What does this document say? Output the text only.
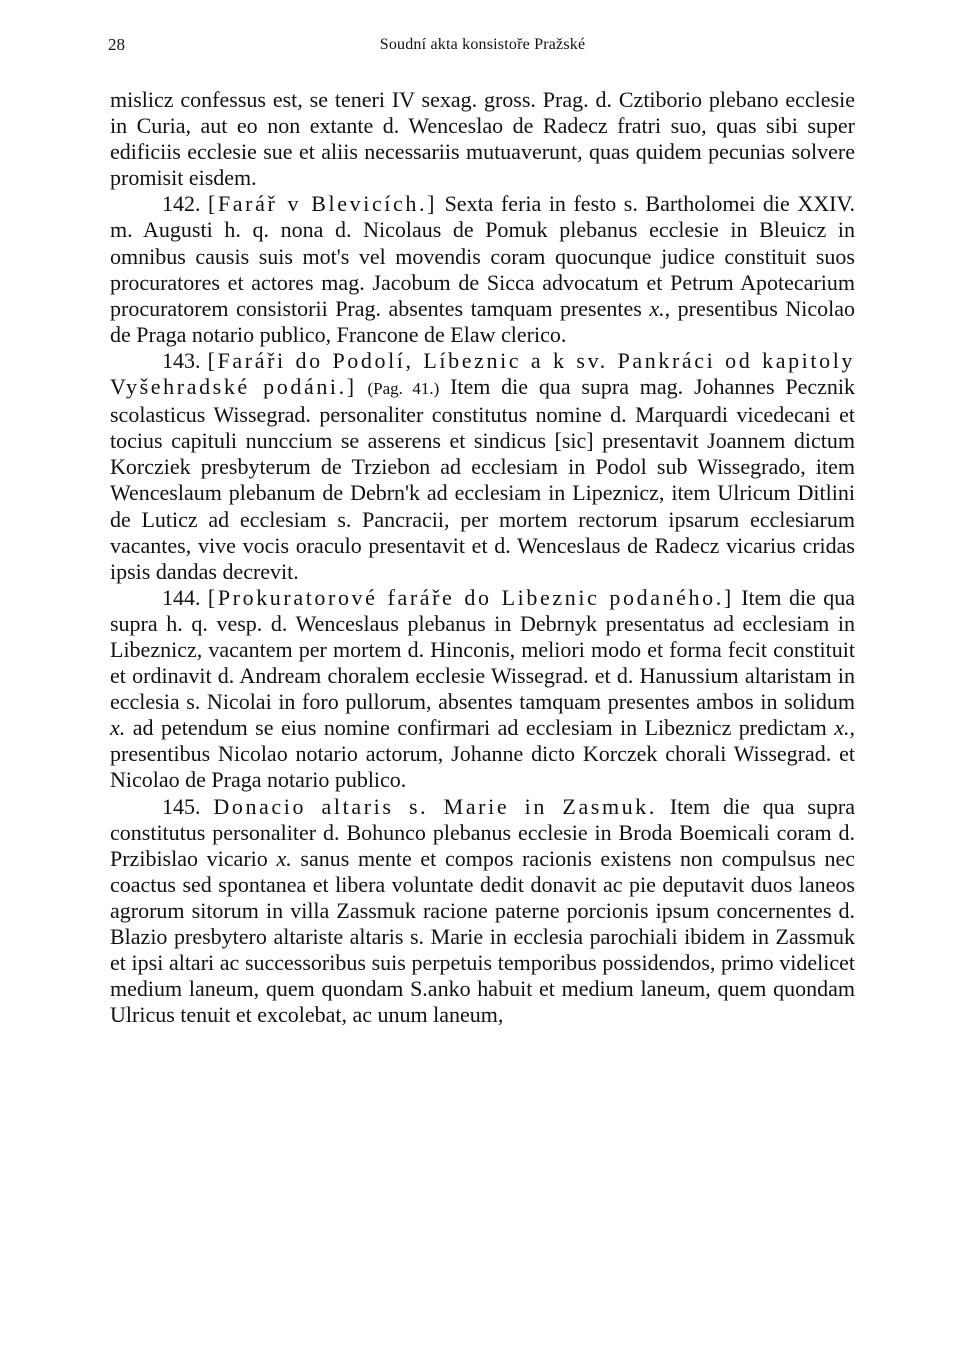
28	Soudní akta konsistoře Pražské

mislicz confessus est, se teneri IV sexag. gross. Prag. d. Cztiborio plebano ecclesie in Curia, aut eo non extante d. Wenceslao de Radecz fratri suo, quas sibi super edificiis ecclesie sue et aliis necessariis mutuaverunt, quas quidem pecunias solvere promisit eisdem.

142. [Farář v Blevicích.] Sexta feria in festo s. Bartholomei die XXIV. m. Augusti h. q. nona d. Nicolaus de Pomuk plebanus ecclesie in Bleuicz in omnibus causis suis mot's vel movendis coram quocunque judice constituit suos procuratores et actores mag. Jacobum de Sicca advocatum et Petrum Apotecarium procuratorem consistorii Prag. absentes tamquam presentes x., presentibus Nicolao de Praga notario publico, Francone de Elaw clerico.

143. [Faráři do Podolí, Líbeznic a k sv. Pankráci od kapitoly Vyšehradské podáni.] (Pag. 41.) Item die qua supra mag. Johannes Pecznik scolasticus Wissegrad. personaliter constitutus nomine d. Marquardi vicedecani et tocius capituli nunccium se asserens et sindicus [sic] presentavit Joannem dictum Korcziek presbyterum de Trziebon ad ecclesiam in Podol sub Wissegrado, item Wenceslaum plebanum de Debrn'k ad ecclesiam in Lipeznicz, item Ulricum Ditlini de Luticz ad ecclesiam s. Pancracii, per mortem rectorum ipsarum ecclesiarum vacantes, vive vocis oraculo presentavit et d. Wenceslaus de Radecz vicarius cridas ipsis dandas decrevit.

144. [Prokuratorové faráře do Libeznic podaného.] Item die qua supra h. q. vesp. d. Wenceslaus plebanus in Debrnyk presentatus ad ecclesiam in Libeznicz, vacantem per mortem d. Hinconis, meliori modo et forma fecit constituit et ordinavit d. Andream choralem ecclesie Wissegrad. et d. Hanussium altaristam in ecclesia s. Nicolai in foro pullorum, absentes tamquam presentes ambos in solidum x. ad petendum se eius nomine confirmari ad ecclesiam in Libeznicz predictam x., presentibus Nicolao notario actorum, Johanne dicto Korczek chorali Wissegrad. et Nicolao de Praga notario publico.

145. Donacio altaris s. Marie in Zasmuk. Item die qua supra constitutus personaliter d. Bohunco plebanus ecclesie in Broda Boemicali coram d. Przibislao vicario x. sanus mente et compos racionis existens non compulsus nec coactus sed spontanea et libera voluntate dedit donavit ac pie deputavit duos laneos agrorum sitorum in villa Zassmuk racione paterne porcionis ipsum concernentes d. Blazio presbytero altariste altaris s. Marie in ecclesia parochiali ibidem in Zassmuk et ipsi altari ac successoribus suis perpetuis temporibus possidendos, primo videlicet medium laneum, quem quondam S.anko habuit et medium laneum, quem quondam Ulricus tenuit et excolebat, ac unum laneum,
